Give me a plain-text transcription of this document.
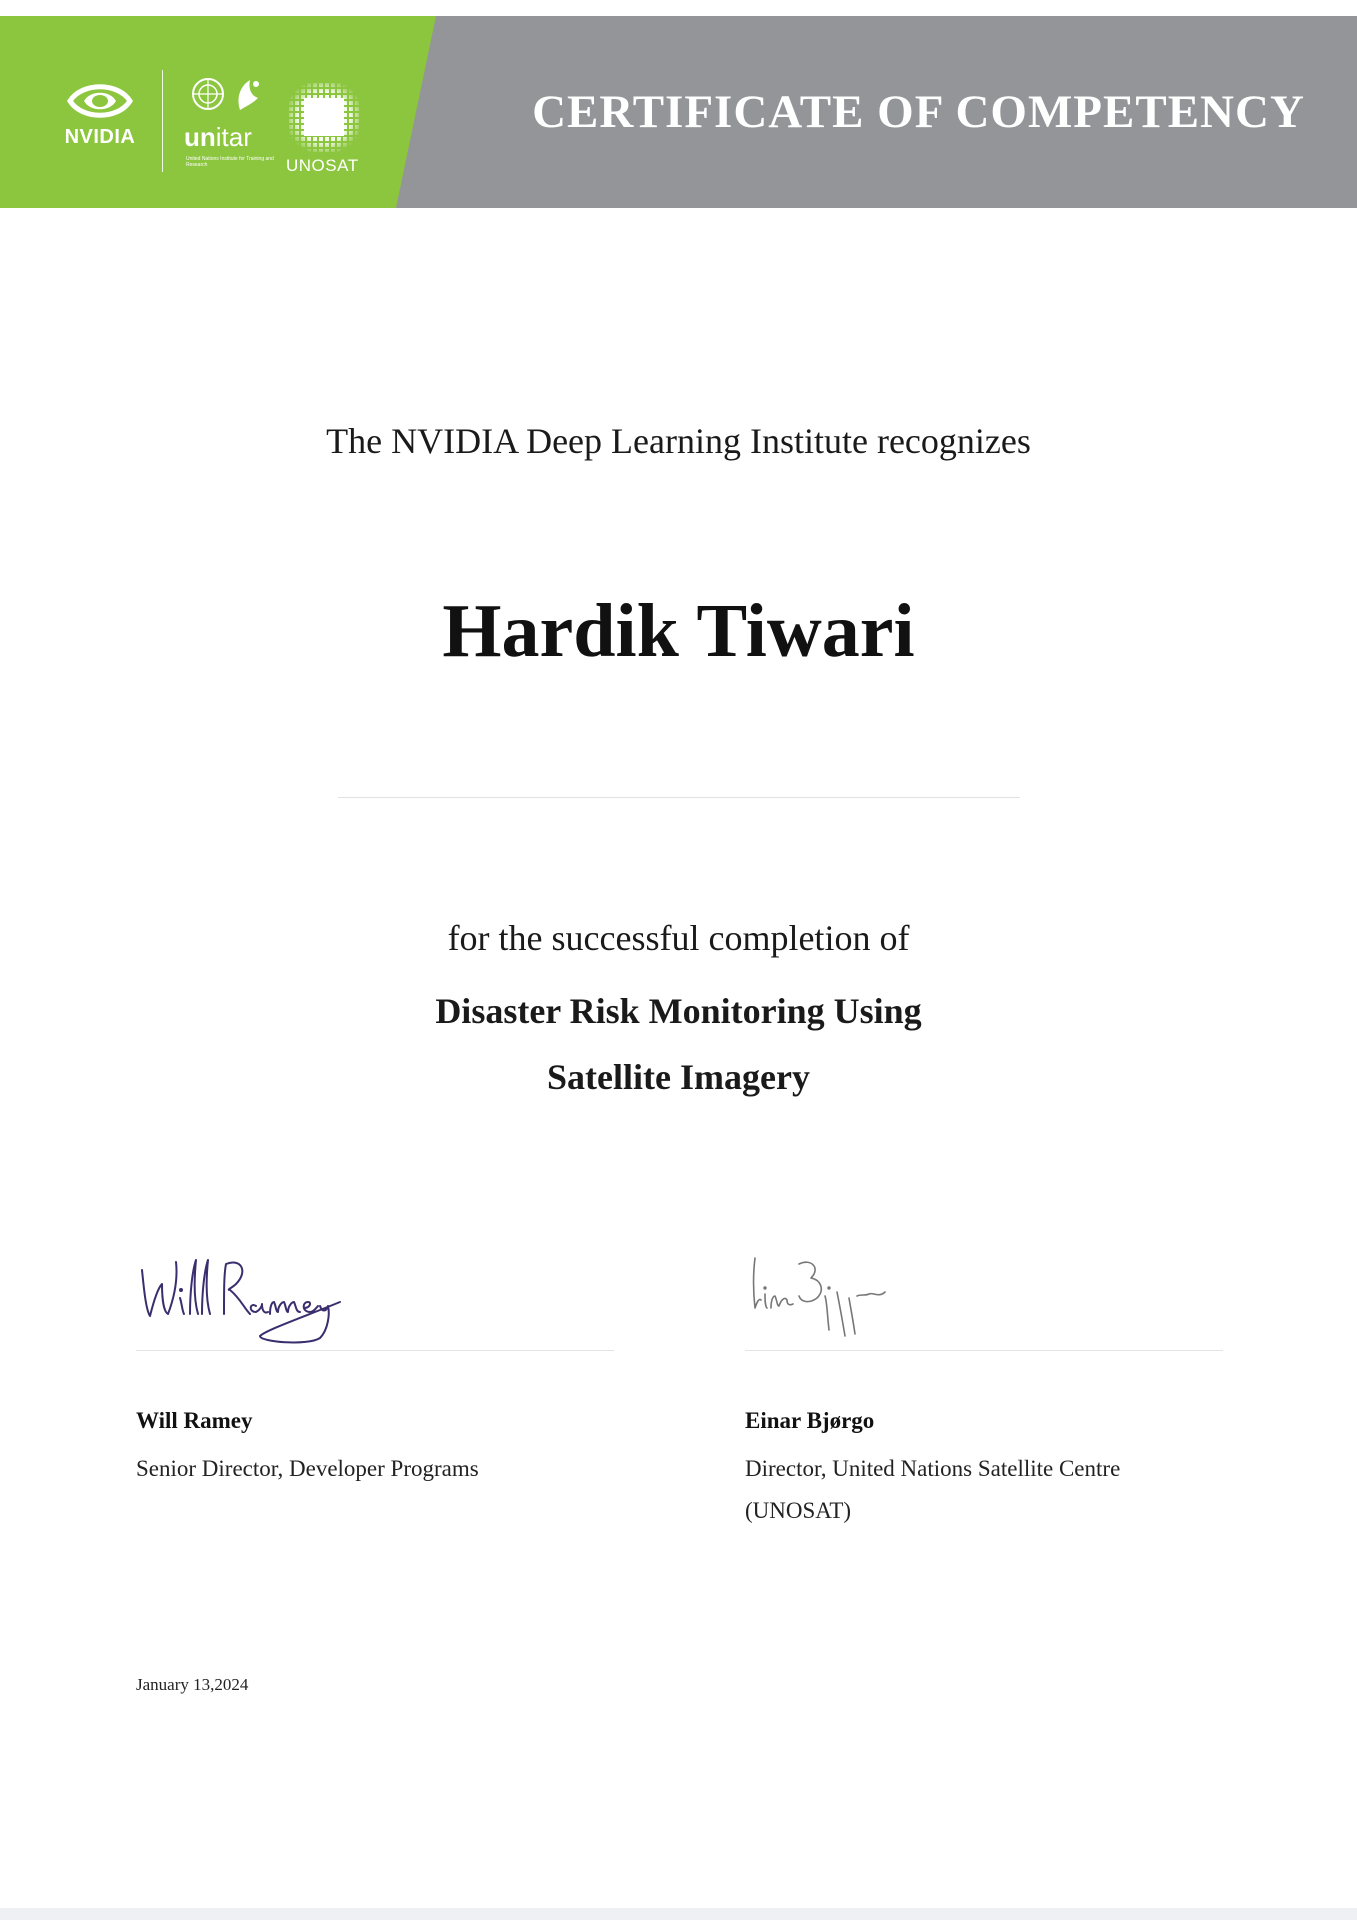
NVIDIA	unitar
United Nations Institute for Training and Research	UNOSAT
CERTIFICATE OF COMPETENCY
The NVIDIA Deep Learning Institute recognizes
Hardik Tiwari
for the successful completion of
Disaster Risk Monitoring Using
Satellite Imagery
Will Ramey
Senior Director, Developer Programs
Einar Bjørgo
Director, United Nations Satellite Centre
(UNOSAT)
January 13,2024
